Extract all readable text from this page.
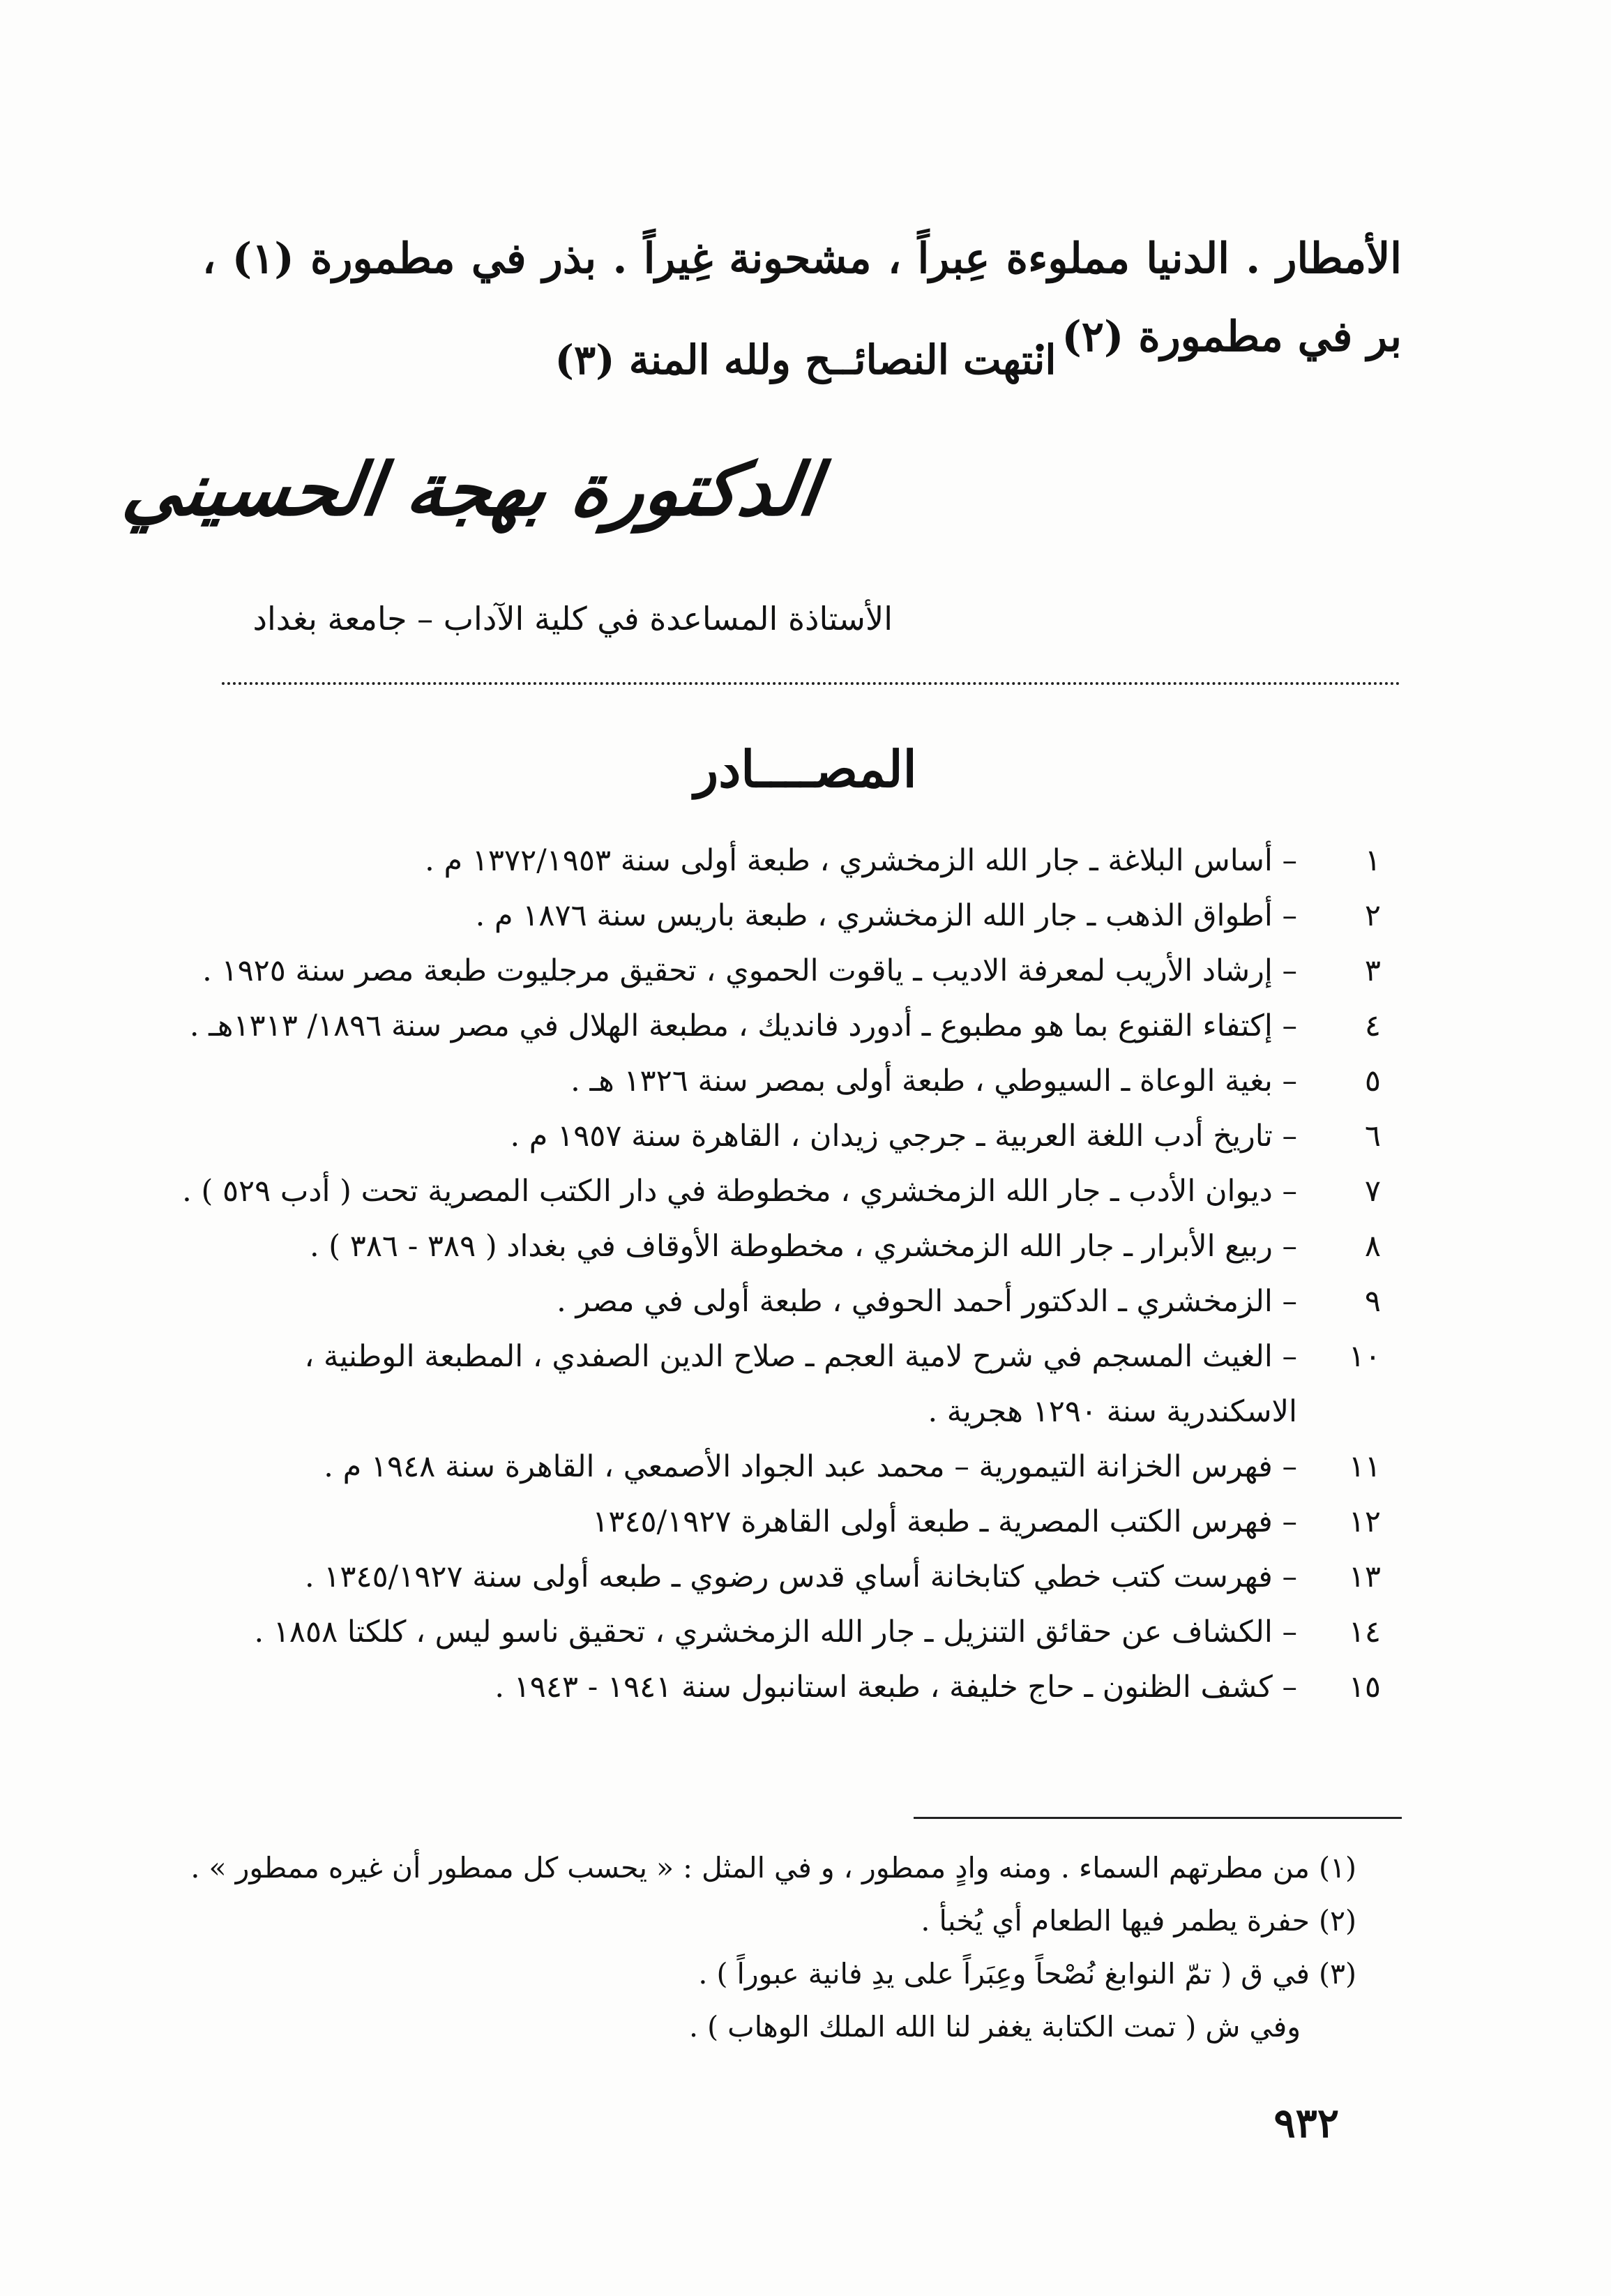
الأمطار . الدنيا مملوءة عِبراً ، مشحونة غِيراً . بذر في مطمورة (١) ، بر في مطمورة (٢) .

انتهت النصائــح ولله المنة (٣)
الدكتورة بهجة الحسيني
الأستاذة المساعدة في كلية الآداب – جامعة بغداد
المصــــادر
١
– أساس البلاغة ـ جار الله الزمخشري ، طبعة أولى سنة ١٣٧٢/١٩٥٣ م .
٢
– أطواق الذهب ـ جار الله الزمخشري ، طبعة باريس سنة ١٨٧٦ م .
٣
– إرشاد الأريب لمعرفة الاديب ـ ياقوت الحموي ، تحقيق مرجليوت طبعة مصر سنة ١٩٢٥ .
٤
– إكتفاء القنوع بما هو مطبوع ـ أدورد فانديك ، مطبعة الهلال في مصر سنة ١٨٩٦/ ١٣١٣هـ .
٥
– بغية الوعاة ـ السيوطي ، طبعة أولى بمصر سنة ١٣٢٦ هـ .
٦
– تاريخ أدب اللغة العربية ـ جرجي زيدان ، القاهرة سنة ١٩٥٧ م .
٧
– ديوان الأدب ـ جار الله الزمخشري ، مخطوطة في دار الكتب المصرية تحت ( أدب ٥٢٩ ) .
٨
– ربيع الأبرار ـ جار الله الزمخشري ، مخطوطة الأوقاف في بغداد ( ٣٨٩ - ٣٨٦ ) .
٩
– الزمخشري ـ الدكتور أحمد الحوفي ، طبعة أولى في مصر .
١٠
– الغيث المسجم في شرح لامية العجم ـ صلاح الدين الصفدي ، المطبعة الوطنية ، الاسكندرية سنة ١٢٩٠ هجرية .
١١
– فهرس الخزانة التيمورية – محمد عبد الجواد الأصمعي ، القاهرة سنة ١٩٤٨ م .
١٢
– فهرس الكتب المصرية ـ طبعة أولى القاهرة ١٣٤٥/١٩٢٧
١٣
– فهرست كتب خطي كتابخانة أساي قدس رضوي ـ طبعه أولى سنة ١٣٤٥/١٩٢٧ .
١٤
– الكشاف عن حقائق التنزيل ـ جار الله الزمخشري ، تحقيق ناسو ليس ، كلكتا ١٨٥٨ .
١٥
– كشف الظنون ـ حاج خليفة ، طبعة استانبول سنة ١٩٤١ - ١٩٤٣ .
(١) من مطرتهم السماء . ومنه وادٍ ممطور ، و في المثل : « يحسب كل ممطور أن غيره ممطور » .
(٢) حفرة يطمر فيها الطعام أي يُخبأ .
(٣) في ق ( تمّ النوابغ نُصْحاً وعِبَراً على يدِ فانية عبوراً ) .
وفي ش ( تمت الكتابة يغفر لنا الله الملك الوهاب ) .
٩٣٢
